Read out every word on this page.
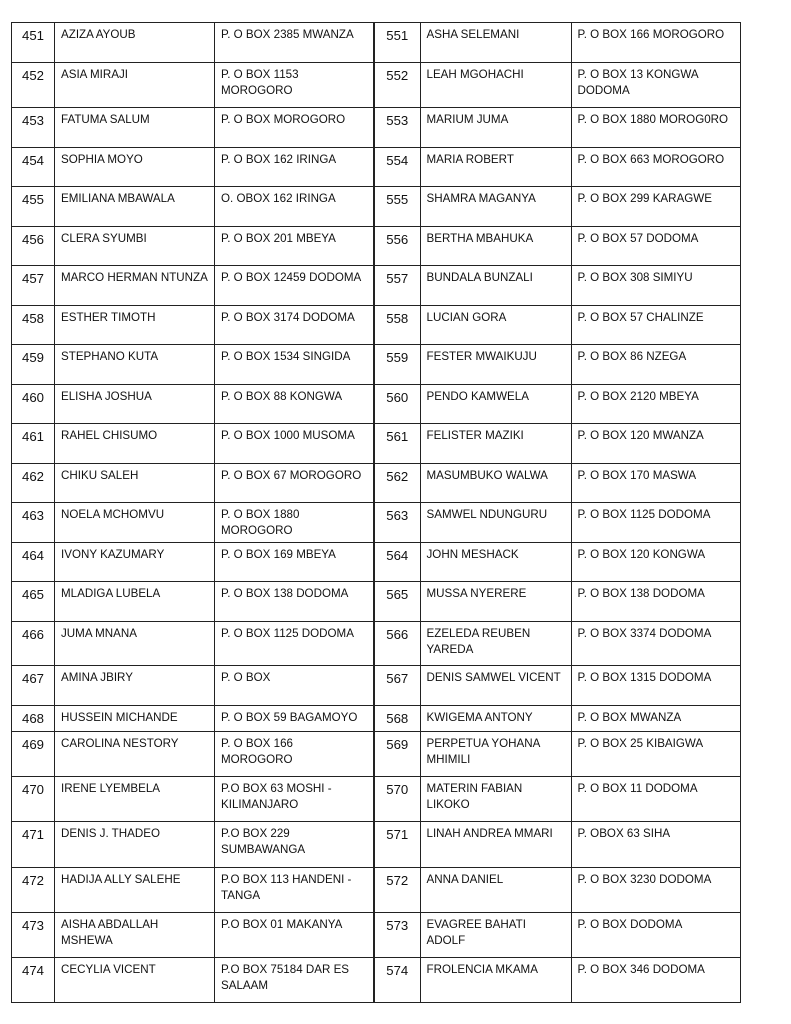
451	AZIZA AYOUB	P. O BOX 2385 MWANZA
452	ASIA MIRAJI	P. O BOX 1153 MOROGORO
453	FATUMA SALUM	P. O BOX MOROGORO
454	SOPHIA MOYO	P. O BOX 162 IRINGA
455	EMILIANA MBAWALA	O. OBOX 162 IRINGA
456	CLERA SYUMBI	P. O BOX 201 MBEYA
457	MARCO HERMAN NTUNZA	P. O BOX 12459 DODOMA
458	ESTHER TIMOTH	P. O BOX 3174 DODOMA
459	STEPHANO KUTA	P. O BOX 1534 SINGIDA
460	ELISHA JOSHUA	P. O BOX 88 KONGWA
461	RAHEL CHISUMO	P. O BOX 1000 MUSOMA
462	CHIKU SALEH	P. O BOX 67 MOROGORO
463	NOELA MCHOMVU	P. O BOX 1880 MOROGORO
464	IVONY KAZUMARY	P. O BOX 169 MBEYA
465	MLADIGA LUBELA	P. O BOX 138 DODOMA
466	JUMA MNANA	P. O BOX 1125 DODOMA
467	AMINA JBIRY	P. O BOX
468	HUSSEIN MICHANDE	P. O BOX 59 BAGAMOYO
469	CAROLINA NESTORY	P. O BOX 166 MOROGORO
470	IRENE LYEMBELA	P.O BOX 63 MOSHI - KILIMANJARO
471	DENIS J. THADEO	P.O BOX 229 SUMBAWANGA
472	HADIJA ALLY SALEHE	P.O BOX 113 HANDENI - TANGA
473	AISHA ABDALLAH MSHEWA	P.O BOX 01 MAKANYA
474	CECYLIA VICENT	P.O BOX 75184 DAR ES SALAAM
551	ASHA SELEMANI	P. O BOX 166 MOROGORO
552	LEAH MGOHACHI	P. O BOX 13 KONGWA DODOMA
553	MARIUM JUMA	P. O BOX 1880 MOROG0RO
554	MARIA ROBERT	P. O BOX 663 MOROGORO
555	SHAMRA MAGANYA	P. O BOX 299 KARAGWE
556	BERTHA MBAHUKA	P. O BOX 57 DODOMA
557	BUNDALA BUNZALI	P. O BOX 308 SIMIYU
558	LUCIAN GORA	P. O BOX 57 CHALINZE
559	FESTER MWAIKUJU	P. O BOX 86 NZEGA
560	PENDO KAMWELA	P. O BOX 2120 MBEYA
561	FELISTER MAZIKI	P. O BOX 120 MWANZA
562	MASUMBUKO WALWA	P. O BOX 170 MASWA
563	SAMWEL NDUNGURU	P. O BOX 1125 DODOMA
564	JOHN MESHACK	P. O BOX 120 KONGWA
565	MUSSA NYERERE	P. O BOX 138 DODOMA
566	EZELEDA REUBEN YAREDA	P. O BOX 3374 DODOMA
567	DENIS SAMWEL VICENT	P. O BOX 1315 DODOMA
568	KWIGEMA ANTONY	P. O BOX MWANZA
569	PERPETUA YOHANA MHIMILI	P. O BOX 25 KIBAIGWA
570	MATERIN FABIAN LIKOKO	P. O BOX 11 DODOMA
571	LINAH ANDREA MMARI	P. OBOX 63 SIHA
572	ANNA DANIEL	P. O BOX 3230 DODOMA
573	EVAGREE BAHATI ADOLF	P. O BOX DODOMA
574	FROLENCIA MKAMA	P. O BOX 346 DODOMA
